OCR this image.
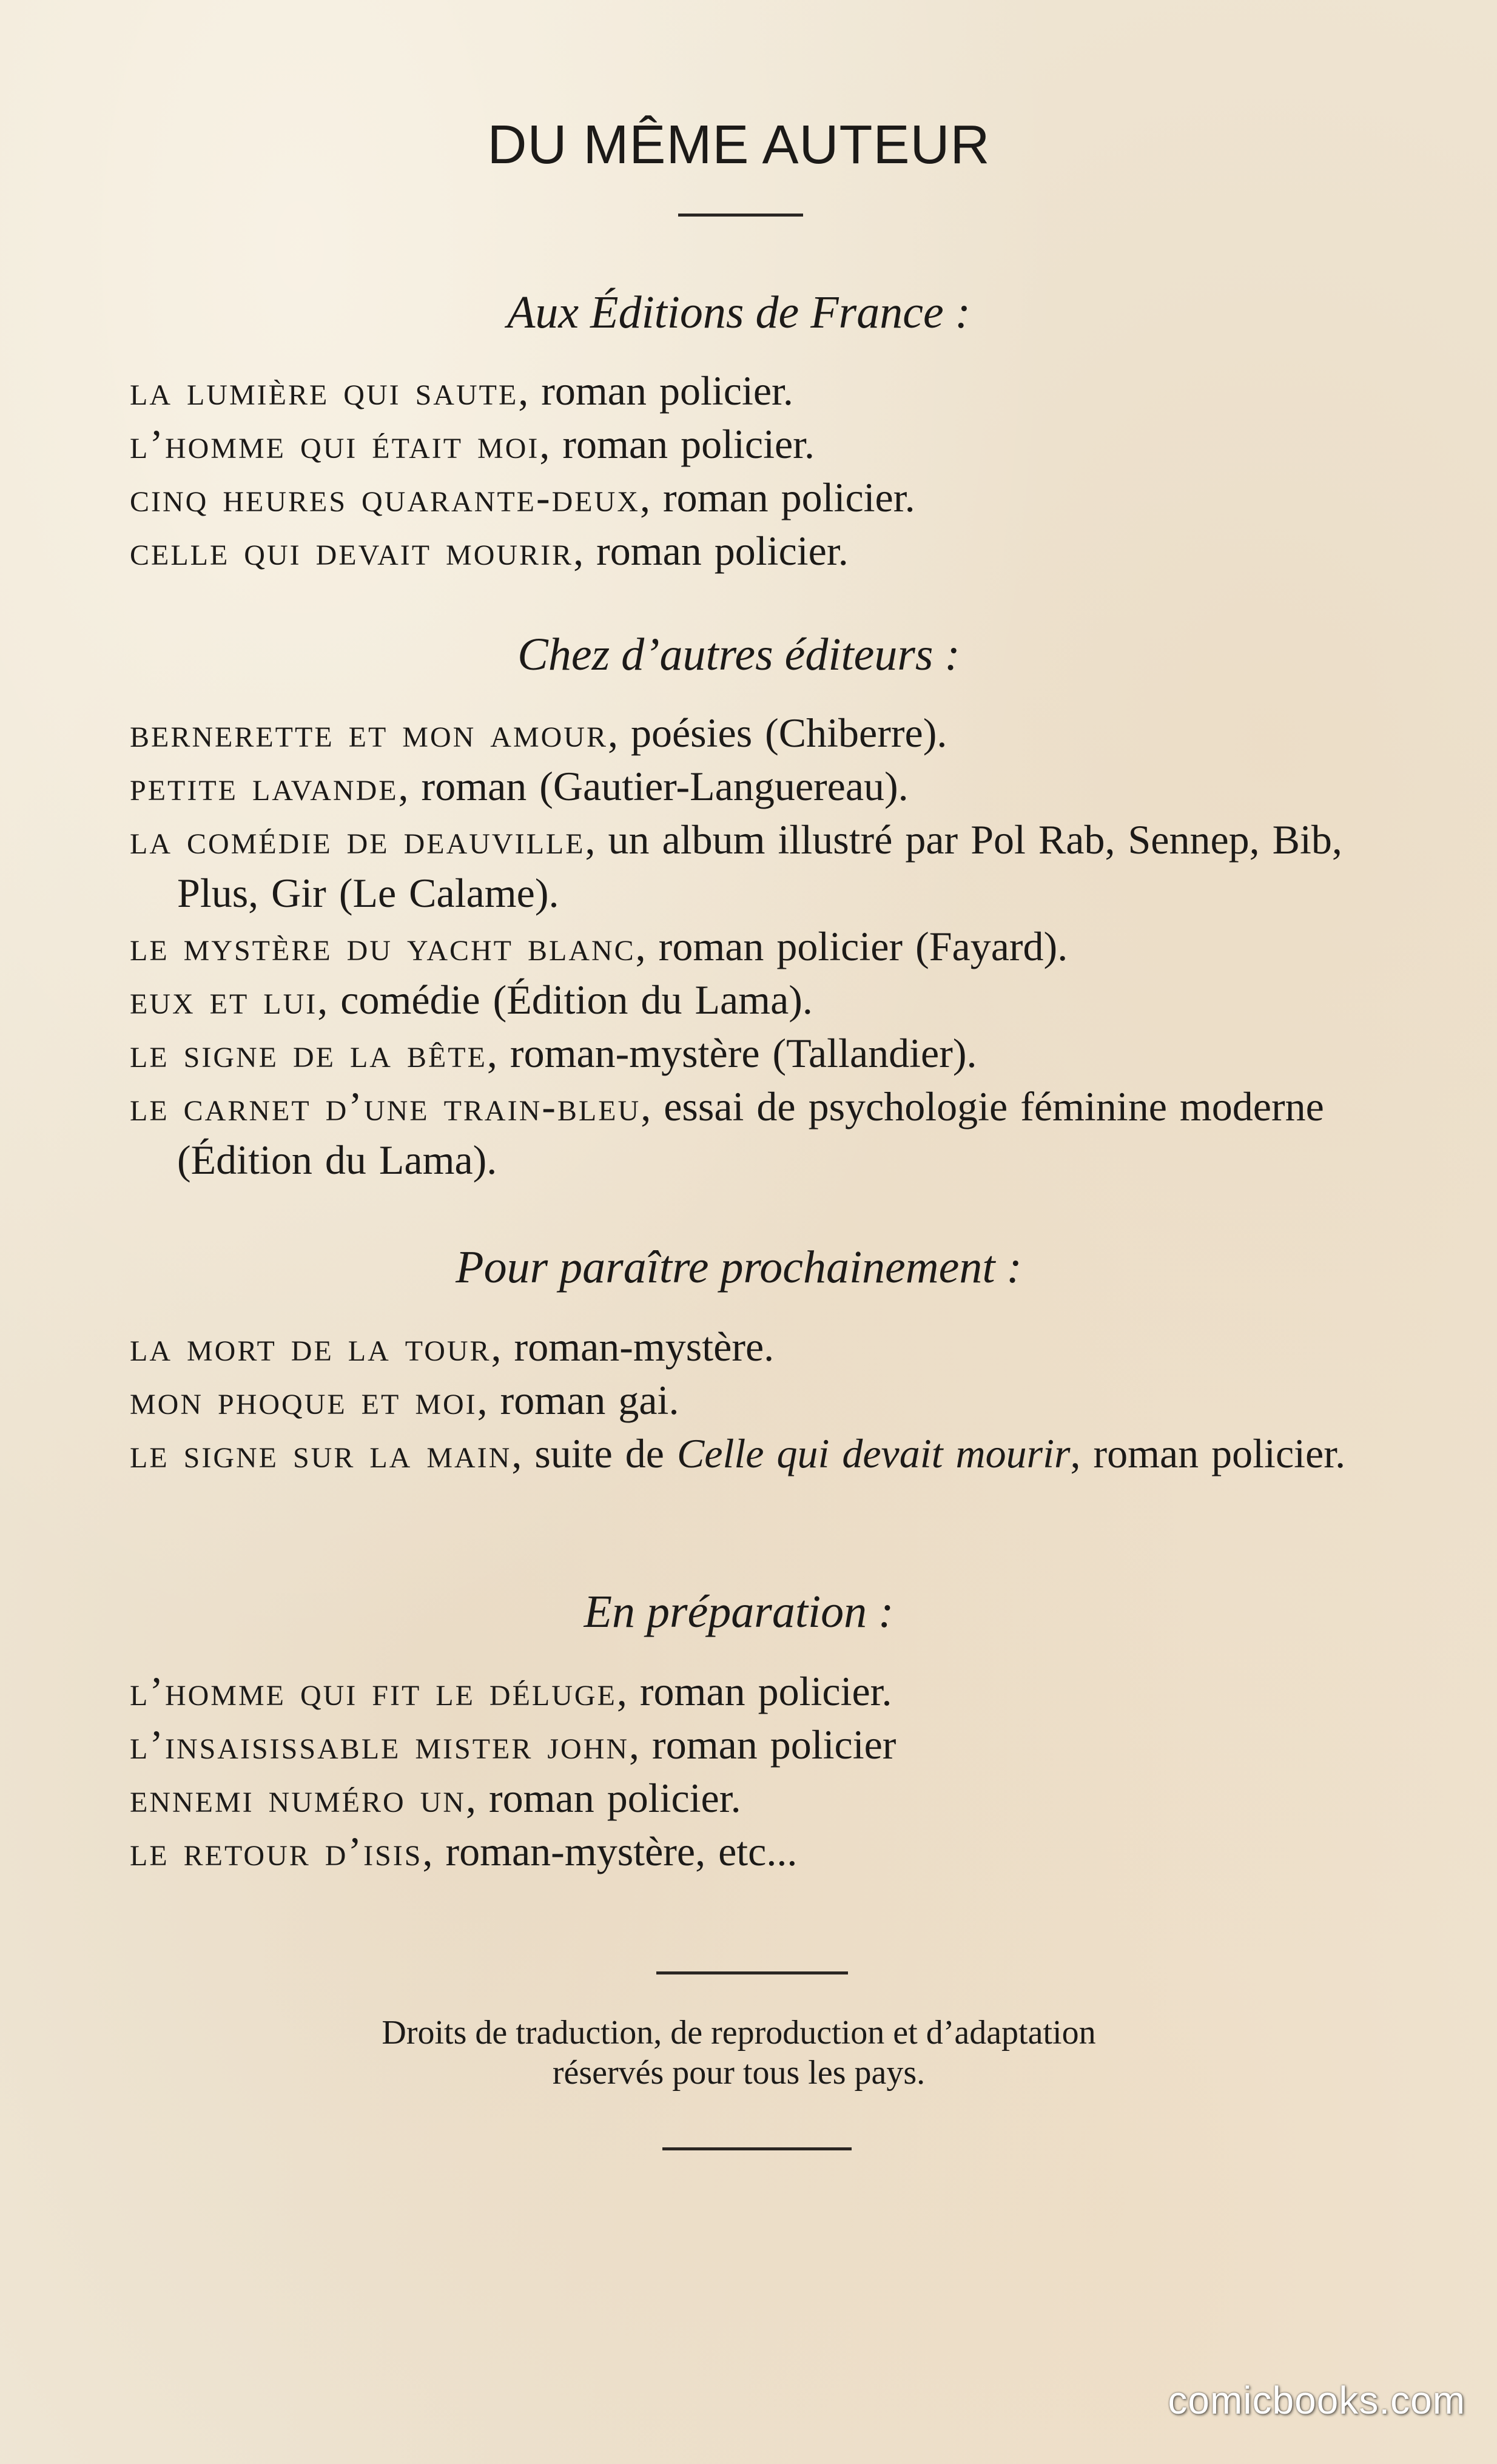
DU MÊME AUTEUR
Aux Éditions de France :
la lumière qui saute, roman policier.
l’homme qui était moi, roman policier.
cinq heures quarante-deux, roman policier.
celle qui devait mourir, roman policier.
Chez d’autres éditeurs :
bernerette et mon amour, poésies (Chiberre).
petite lavande, roman (Gautier-Languereau).
la comédie de deauville, un album illustré par Pol Rab, Sennep, Bib, Plus, Gir (Le Calame).
le mystère du yacht blanc, roman policier (Fayard).
eux et lui, comédie (Édition du Lama).
le signe de la bête, roman-mystère (Tallandier).
le carnet d’une train-bleu, essai de psychologie féminine moderne (Édition du Lama).
Pour paraître prochainement :
la mort de la tour, roman-mystère.
mon phoque et moi, roman gai.
le signe sur la main, suite de Celle qui devait mourir, roman policier.
En préparation :
l’homme qui fit le déluge, roman policier.
l’insaisissable mister john, roman policier
ennemi numéro un, roman policier.
le retour d’isis, roman-mystère, etc...
Droits de traduction, de reproduction et d’adaptation
réservés pour tous les pays.
comicbooks.com
